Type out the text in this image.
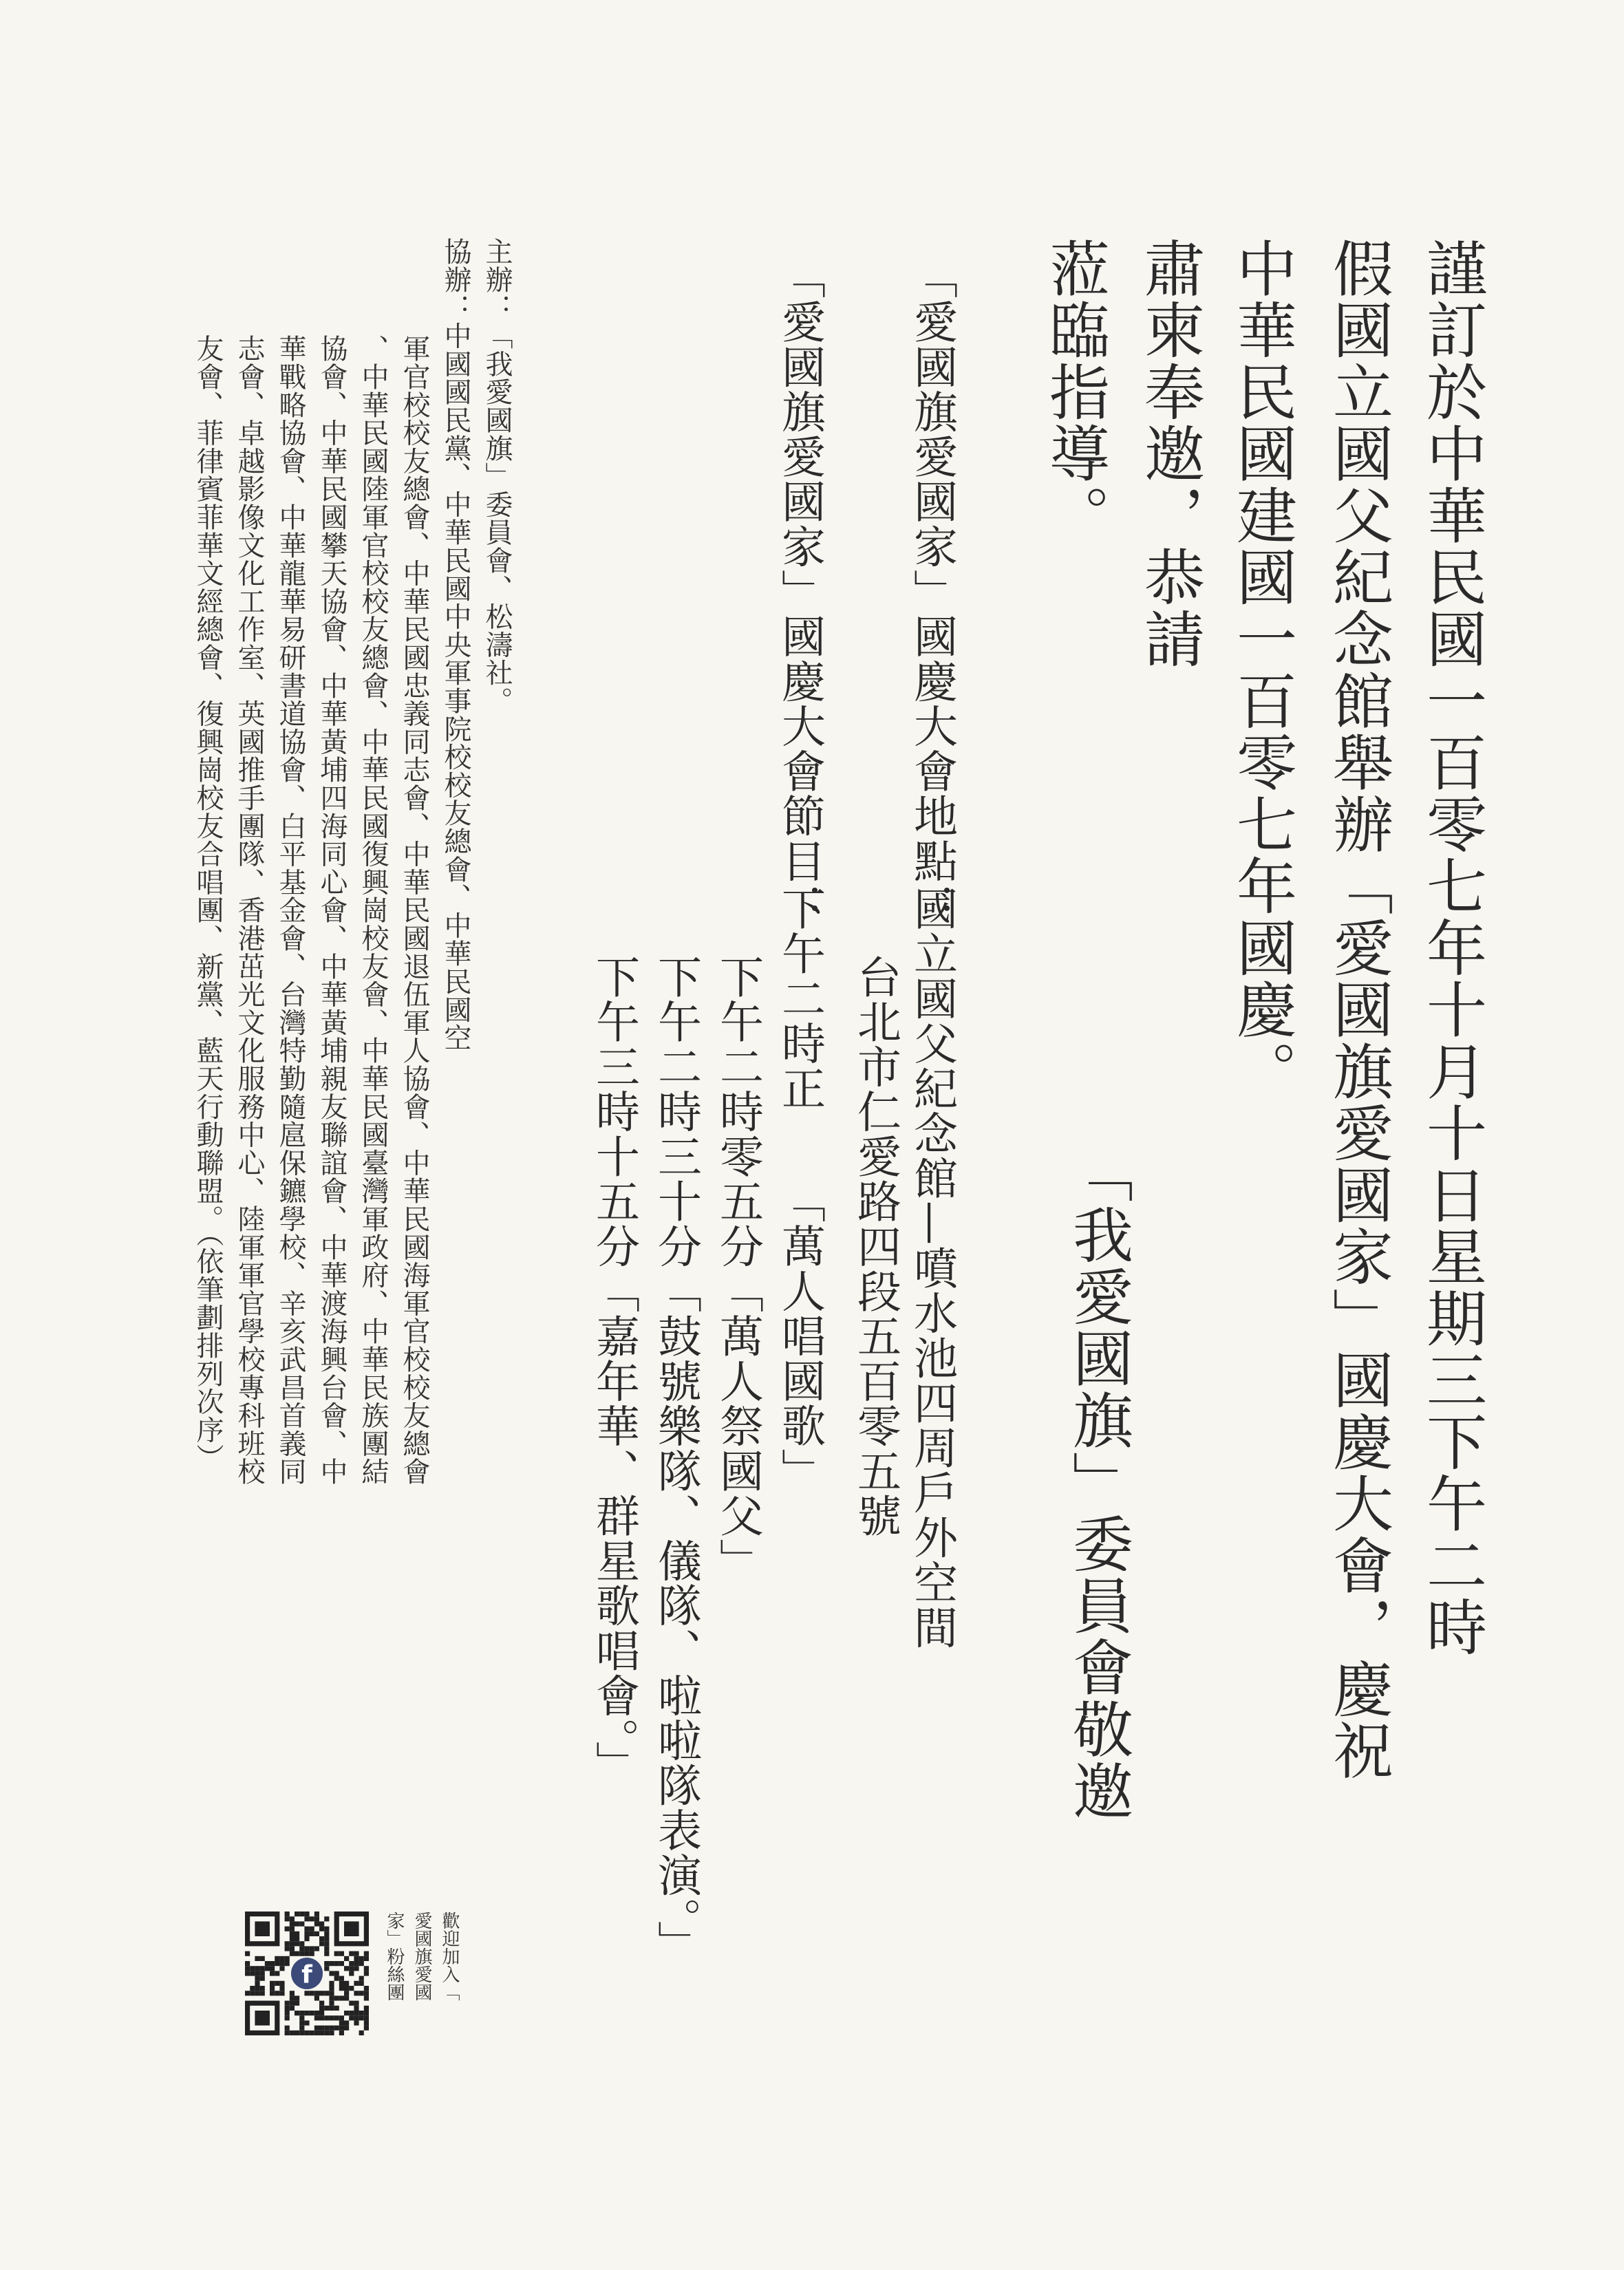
謹訂於中華民國一百零七年十月十日星期三下午二時

假國立國父紀念館舉辦「愛國旗愛國家」國慶大會，慶祝

中華民國建國一百零七年國慶。

肅柬奉邀，恭請

蒞臨指導。

「我愛國旗」委員會敬邀

「愛國旗愛國家」國慶大會地點：

國立國父紀念館—噴水池四周戶外空間

台北市仁愛路四段五百零五號

「愛國旗愛國家」國慶大會節目：

下午二時正　　「萬人唱國歌」

下午二時零五分「萬人祭國父」

下午二時三十分「鼓號樂隊、儀隊、啦啦隊表演。」

下午三時十五分「嘉年華、群星歌唱會。」

主辦：「我愛國旗」委員會、松濤社。

協辦：中國國民黨、中華民國中央軍事院校校友總會、中華民國空

軍官校校友總會、中華民國忠義同志會、中華民國退伍軍人協會、中華民國海軍官校校友總會

、中華民國陸軍官校校友總會、中華民國復興崗校友會、中華民國臺灣軍政府、中華民族團結

協會、中華民國攀天協會、中華黃埔四海同心會、中華黃埔親友聯誼會、中華渡海興台會、中

華戰略協會、中華龍華易研書道協會、白平基金會、台灣特勤隨扈保鑣學校、辛亥武昌首義同

志會、卓越影像文化工作室、英國推手團隊、香港茁光文化服務中心、陸軍軍官學校專科班校

友會、菲律賓菲華文經總會、復興崗校友合唱團、新黨、藍天行動聯盟。（依筆劃排列次序）

歡迎加入「

愛國旗愛國

家」粉絲團

f
